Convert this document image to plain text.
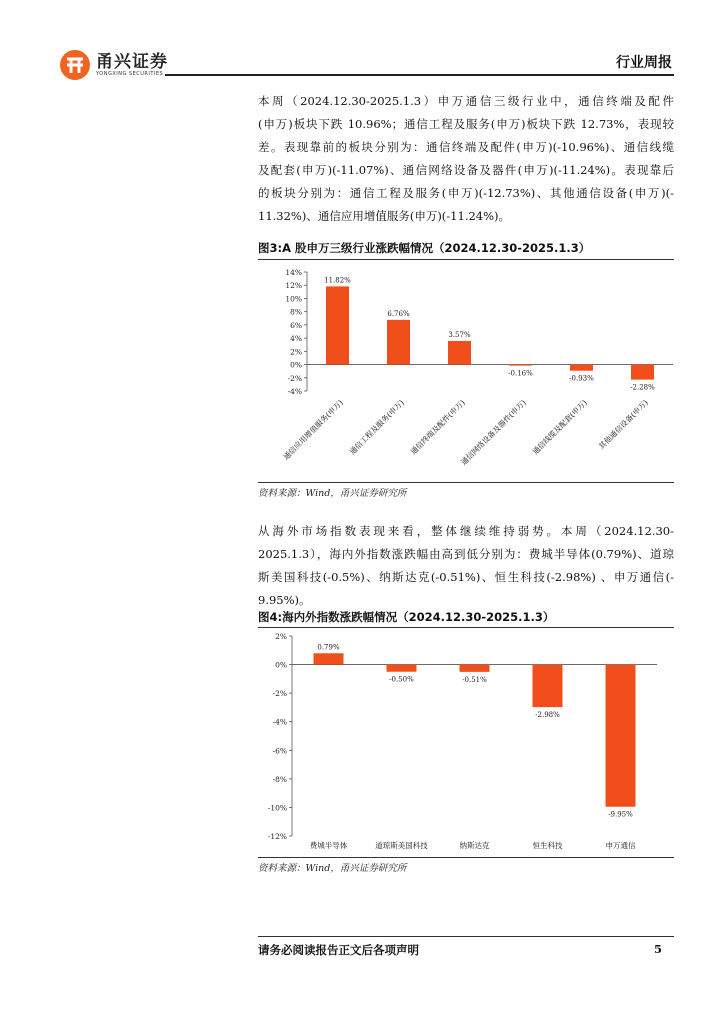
甬兴证券
YONGXING SECURITIES
行业周报
本周（2024.12.30-2025.1.3）申万通信三级行业中，通信终端及配件
(申万)板块下跌 10.96%；通信工程及服务(申万)板块下跌 12.73%，表现较
差。表现靠前的板块分别为：通信终端及配件(申万)(-10.96%)、通信线缆
及配套(申万)(-11.07%)、通信网络设备及器件(申万)(-11.24%)。表现靠后
的板块分别为：通信工程及服务(申万)(-12.73%)、其他通信设备(申万)(-
11.32%)、通信应用增值服务(申万)(-11.24%)。
图3:A 股申万三级行业涨跌幅情况（2024.12.30-2025.1.3）
14%
12%
10%
8%
6%
4%
2%
0%
-2%
-4%
11.82%
通信应用增值服务(申万)
6.76%
通信工程及服务(申万)
3.57%
通信终端及配件(申万)
-0.16%
通信网络设备及器件(申万)
-0.93%
通信线缆及配套(申万)
-2.28%
其他通信设备(申万)
资料来源：Wind，甬兴证券研究所
从海外市场指数表现来看，整体继续维持弱势。本周（2024.12.30-
2025.1.3），海内外指数涨跌幅由高到低分别为：费城半导体(0.79%)、道琼
斯美国科技(-0.5%)、纳斯达克(-0.51%)、恒生科技(-2.98%) 、申万通信(-
9.95%)。
图4:海内外指数涨跌幅情况（2024.12.30-2025.1.3）
2%
0%
-2%
-4%
-6%
-8%
-10%
-12%
0.79%
费城半导体
-0.50%
道琼斯美国科技
-0.51%
纳斯达克
-2.98%
恒生科技
-9.95%
申万通信
资料来源：Wind，甬兴证券研究所
请务必阅读报告正文后各项声明	5
